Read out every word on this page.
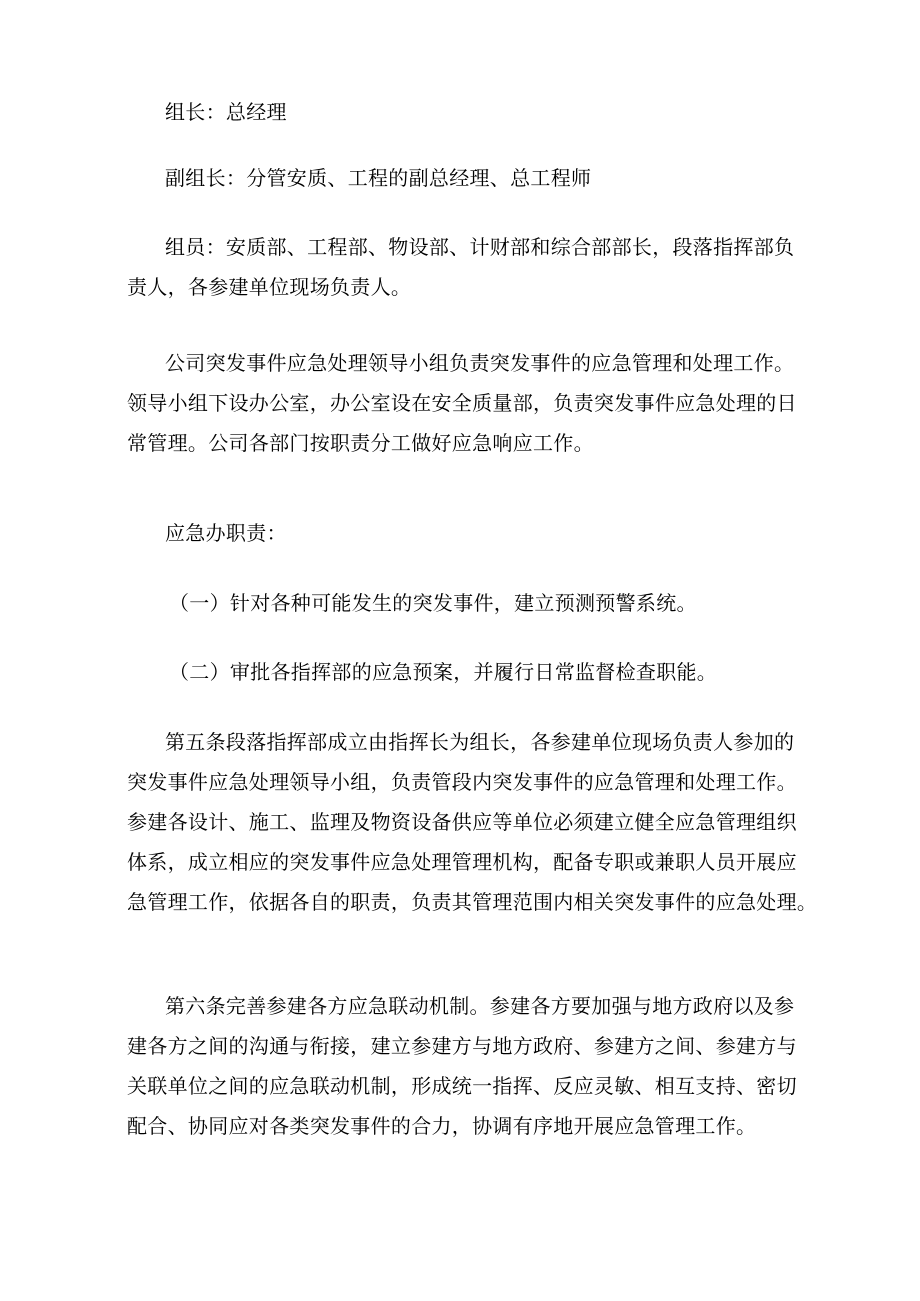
组长：总经理
副组长：分管安质、工程的副总经理、总工程师
组员：安质部、工程部、物设部、计财部和综合部部长，段落指挥部负
责人，各参建单位现场负责人。
公司突发事件应急处理领导小组负责突发事件的应急管理和处理工作。
领导小组下设办公室，办公室设在安全质量部，负责突发事件应急处理的日
常管理。公司各部门按职责分工做好应急响应工作。
应急办职责：
（一）针对各种可能发生的突发事件，建立预测预警系统。
（二）审批各指挥部的应急预案，并履行日常监督检查职能。
第五条段落指挥部成立由指挥长为组长，各参建单位现场负责人参加的
突发事件应急处理领导小组，负责管段内突发事件的应急管理和处理工作。
参建各设计、施工、监理及物资设备供应等单位必须建立健全应急管理组织
体系，成立相应的突发事件应急处理管理机构，配备专职或兼职人员开展应
急管理工作，依据各自的职责，负责其管理范围内相关突发事件的应急处理。
第六条完善参建各方应急联动机制。参建各方要加强与地方政府以及参
建各方之间的沟通与衔接，建立参建方与地方政府、参建方之间、参建方与
关联单位之间的应急联动机制，形成统一指挥、反应灵敏、相互支持、密切
配合、协同应对各类突发事件的合力，协调有序地开展应急管理工作。
